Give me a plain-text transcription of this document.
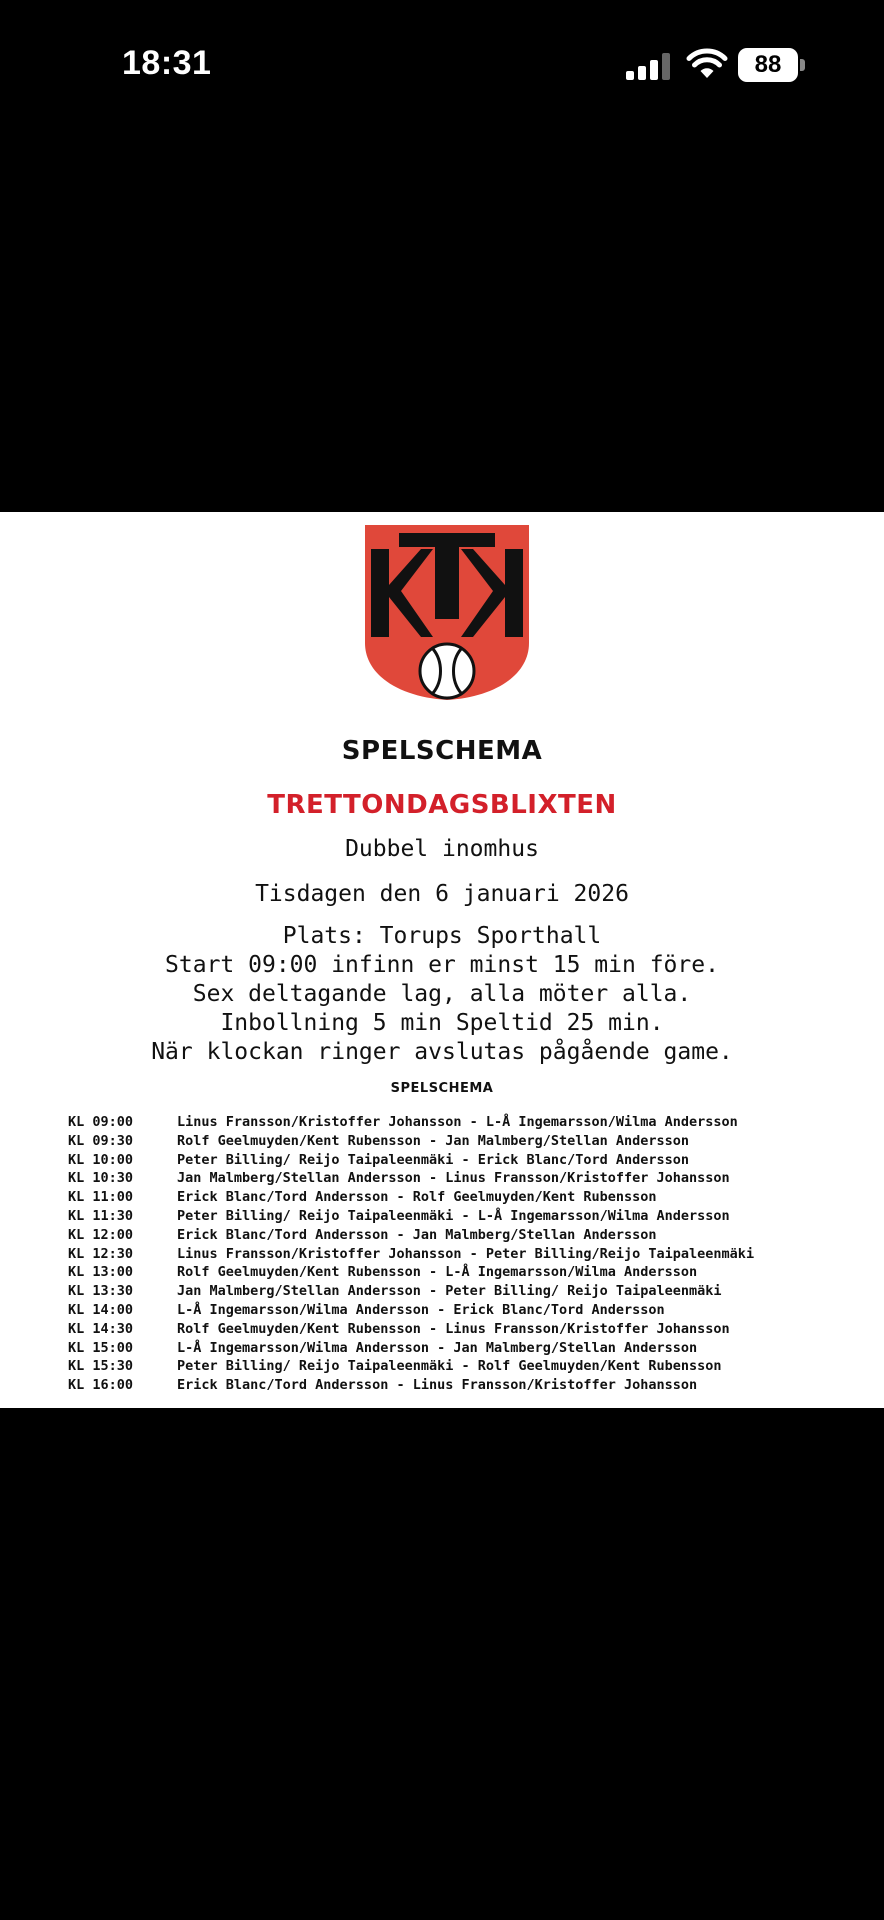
18:31	88
SPELSCHEMA
TRETTONDAGSBLIXTEN
Dubbel inomhus
Tisdagen den 6 januari 2026
Plats: Torups Sporthall
Start 09:00 infinn er minst 15 min före.
Sex deltagande lag, alla möter alla.
Inbollning 5 min Speltid 25 min.
När klockan ringer avslutas pågående game.
SPELSCHEMA
KL 09:00	Linus Fransson/Kristoffer Johansson - L-Å Ingemarsson/Wilma Andersson
KL 09:30	Rolf Geelmuyden/Kent Rubensson - Jan Malmberg/Stellan Andersson
KL 10:00	Peter Billing/ Reijo Taipaleenmäki - Erick Blanc/Tord Andersson
KL 10:30	Jan Malmberg/Stellan Andersson - Linus Fransson/Kristoffer Johansson
KL 11:00	Erick Blanc/Tord Andersson - Rolf Geelmuyden/Kent Rubensson
KL 11:30	Peter Billing/ Reijo Taipaleenmäki - L-Å Ingemarsson/Wilma Andersson
KL 12:00	Erick Blanc/Tord Andersson - Jan Malmberg/Stellan Andersson
KL 12:30	Linus Fransson/Kristoffer Johansson - Peter Billing/Reijo Taipaleenmäki
KL 13:00	Rolf Geelmuyden/Kent Rubensson - L-Å Ingemarsson/Wilma Andersson
KL 13:30	Jan Malmberg/Stellan Andersson - Peter Billing/ Reijo Taipaleenmäki
KL 14:00	L-Å Ingemarsson/Wilma Andersson - Erick Blanc/Tord Andersson
KL 14:30	Rolf Geelmuyden/Kent Rubensson - Linus Fransson/Kristoffer Johansson
KL 15:00	L-Å Ingemarsson/Wilma Andersson - Jan Malmberg/Stellan Andersson
KL 15:30	Peter Billing/ Reijo Taipaleenmäki - Rolf Geelmuyden/Kent Rubensson
KL 16:00	Erick Blanc/Tord Andersson - Linus Fransson/Kristoffer Johansson
